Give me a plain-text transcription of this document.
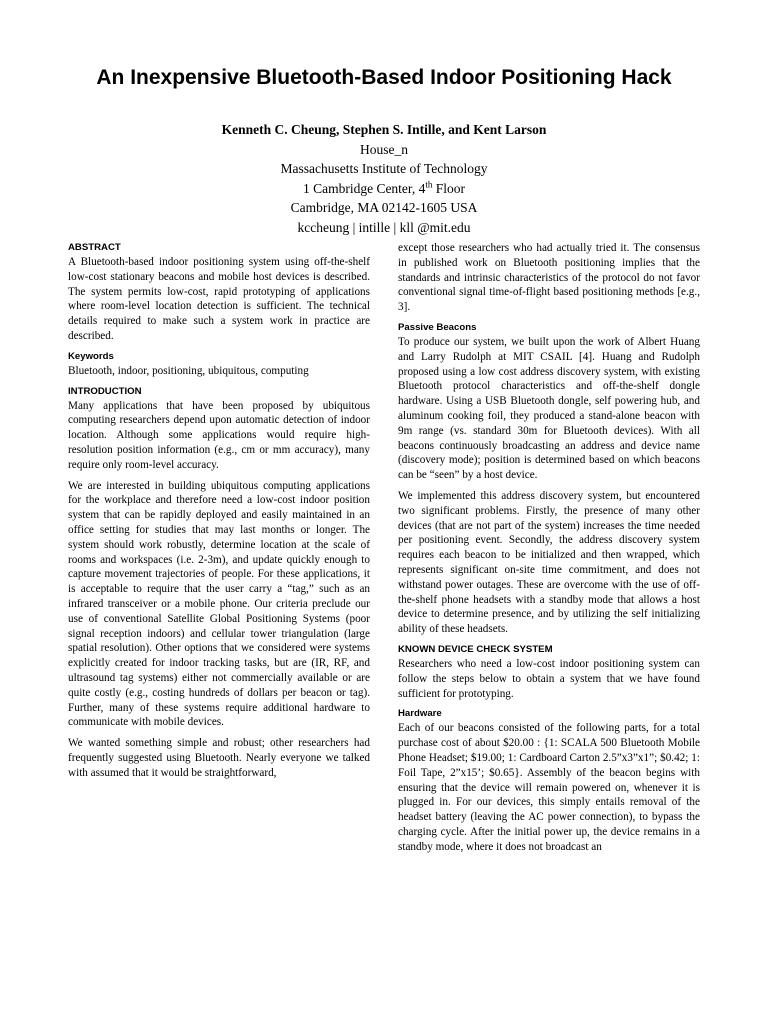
An Inexpensive Bluetooth-Based Indoor Positioning Hack
Kenneth C. Cheung, Stephen S. Intille, and Kent Larson
House_n
Massachusetts Institute of Technology
1 Cambridge Center, 4th Floor
Cambridge, MA 02142-1605 USA
kccheung | intille | kll @mit.edu
ABSTRACT

A Bluetooth-based indoor positioning system using off-the-shelf low-cost stationary beacons and mobile host devices is described. The system permits low-cost, rapid prototyping of applications where room-level location detection is sufficient. The technical details required to make such a system work in practice are described.

Keywords

Bluetooth, indoor, positioning, ubiquitous, computing

INTRODUCTION

Many applications that have been proposed by ubiquitous computing researchers depend upon automatic detection of indoor location. Although some applications would require high-resolution position information (e.g., cm or mm accuracy), many require only room-level accuracy.

We are interested in building ubiquitous computing applications for the workplace and therefore need a low-cost indoor position system that can be rapidly deployed and easily maintained in an office setting for studies that may last months or longer. The system should work robustly, determine location at the scale of rooms and workspaces (i.e. 2-3m), and update quickly enough to capture movement trajectories of people. For these applications, it is acceptable to require that the user carry a “tag,” such as an infrared transceiver or a mobile phone. Our criteria preclude our use of conventional Satellite Global Positioning Systems (poor signal reception indoors) and cellular tower triangulation (large spatial resolution). Other options that we considered were systems explicitly created for indoor tracking tasks, but are (IR, RF, and ultrasound tag systems) either not commercially available or are quite costly (e.g., costing hundreds of dollars per beacon or tag). Further, many of these systems require additional hardware to communicate with mobile devices.

We wanted something simple and robust; other researchers had frequently suggested using Bluetooth. Nearly everyone we talked with assumed that it would be straightforward,

except those researchers who had actually tried it. The consensus in published work on Bluetooth positioning implies that the standards and intrinsic characteristics of the protocol do not favor conventional signal time-of-flight based positioning methods [e.g., 3].

Passive Beacons

To produce our system, we built upon the work of Albert Huang and Larry Rudolph at MIT CSAIL [4]. Huang and Rudolph proposed using a low cost address discovery system, with existing Bluetooth protocol characteristics and off-the-shelf dongle hardware. Using a USB Bluetooth dongle, self powering hub, and aluminum cooking foil, they produced a stand-alone beacon with 9m range (vs. standard 30m for Bluetooth devices). With all beacons continuously broadcasting an address and device name (discovery mode); position is determined based on which beacons can be “seen” by a host device.

We implemented this address discovery system, but encountered two significant problems. Firstly, the presence of many other devices (that are not part of the system) increases the time needed per positioning event. Secondly, the address discovery system requires each beacon to be initialized and then wrapped, which represents significant on-site time commitment, and does not withstand power outages. These are overcome with the use of off-the-shelf phone headsets with a standby mode that allows a host device to determine presence, and by utilizing the self initializing ability of these headsets.

KNOWN DEVICE CHECK SYSTEM

Researchers who need a low-cost indoor positioning system can follow the steps below to obtain a system that we have found sufficient for prototyping.

Hardware

Each of our beacons consisted of the following parts, for a total purchase cost of about $20.00 : {1: SCALA 500 Bluetooth Mobile Phone Headset; $19.00; 1: Cardboard Carton 2.5”x3”x1”; $0.42; 1: Foil Tape, 2”x15’; $0.65}. Assembly of the beacon begins with ensuring that the device will remain powered on, whenever it is plugged in. For our devices, this simply entails removal of the headset battery (leaving the AC power connection), to bypass the charging cycle. After the initial power up, the device remains in a standby mode, where it does not broadcast an
